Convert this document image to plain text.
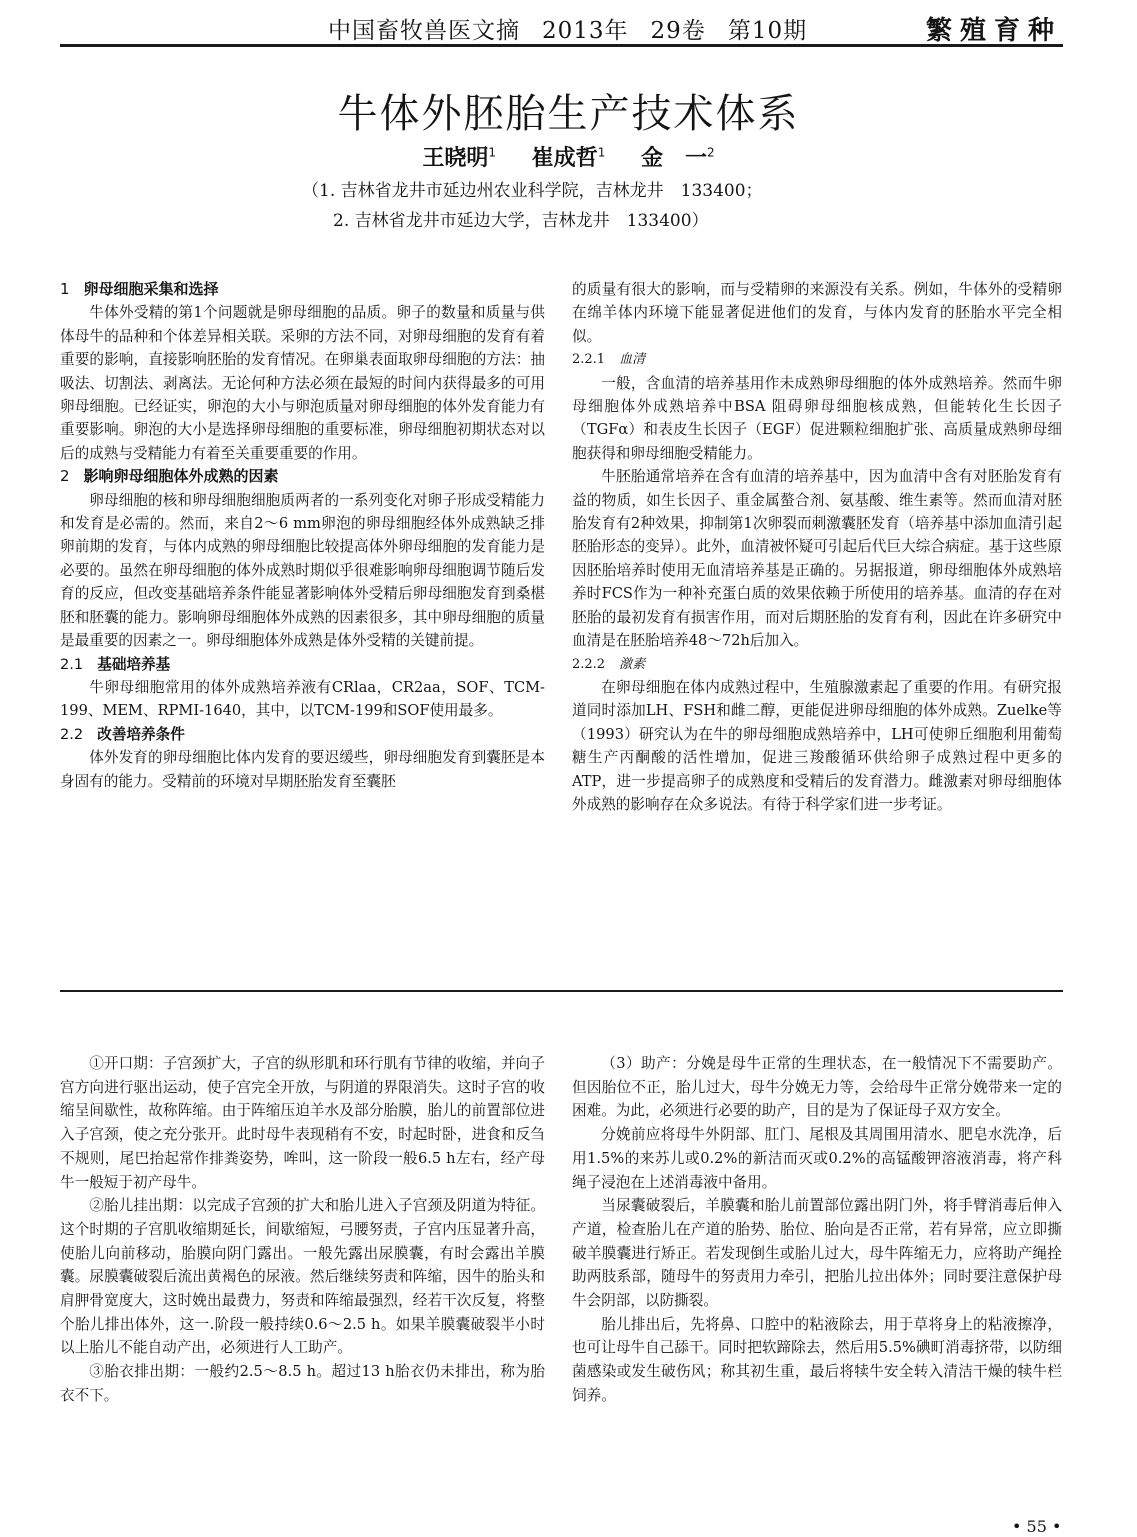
中国畜牧兽医文摘 2013年 29卷 第10期	繁殖育种
牛体外胚胎生产技术体系
王晓明$^1$ 崔成哲$^1$ 金　一$^2$
（1. 吉林省龙井市延边州农业科学院，吉林龙井　133400；
2. 吉林省龙井市延边大学，吉林龙井　133400）
1 卵母细胞采集和选择

牛体外受精的第1个问题就是卵母细胞的品质。卵子的数量和质量与供体母牛的品种和个体差异相关联。采卵的方法不同，对卵母细胞的发育有着重要的影响，直接影响胚胎的发育情况。在卵巢表面取卵母细胞的方法：抽吸法、切割法、剥离法。无论何种方法必须在最短的时间内获得最多的可用卵母细胞。已经证实，卵泡的大小与卵泡质量对卵母细胞的体外发育能力有重要影响。卵泡的大小是选择卵母细胞的重要标准，卵母细胞初期状态对以后的成熟与受精能力有着至关重要重要的作用。

2 影响卵母细胞体外成熟的因素

卵母细胞的核和卵母细胞细胞质两者的一系列变化对卵子形成受精能力和发育是必需的。然而，来自2～6 mm卵泡的卵母细胞经体外成熟缺乏排卵前期的发育，与体内成熟的卵母细胞比较提高体外卵母细胞的发育能力是必要的。虽然在卵母细胞的体外成熟时期似乎很难影响卵母细胞调节随后发育的反应，但改变基础培养条件能显著影响体外受精后卵母细胞发育到桑椹胚和胚囊的能力。影响卵母细胞体外成熟的因素很多，其中卵母细胞的质量是最重要的因素之一。卵母细胞体外成熟是体外受精的关键前提。

2.1 基础培养基

牛卵母细胞常用的体外成熟培养液有CRlaa，CR2aa，SOF、TCM-199、MEM、RPMI-1640，其中，以TCM-199和SOF使用最多。

2.2 改善培养条件

体外发育的卵母细胞比体内发育的要迟缓些，卵母细胞发育到囊胚是本身固有的能力。受精前的环境对早期胚胎发育至囊胚

的质量有很大的影响，而与受精卵的来源没有关系。例如，牛体外的受精卵在绵羊体内环境下能显著促进他们的发育，与体内发育的胚胎水平完全相似。

2.2.1 血清

一般，含血清的培养基用作未成熟卵母细胞的体外成熟培养。然而牛卵母细胞体外成熟培养中BSA 阻碍卵母细胞核成熟，但能转化生长因子（TGFα）和表皮生长因子（EGF）促进颗粒细胞扩张、高质量成熟卵母细胞获得和卵母细胞受精能力。

牛胚胎通常培养在含有血清的培养基中，因为血清中含有对胚胎发育有益的物质，如生长因子、重金属螯合剂、氨基酸、维生素等。然而血清对胚胎发育有2种效果，抑制第1次卵裂而刺激囊胚发育（培养基中添加血清引起胚胎形态的变异）。此外，血清被怀疑可引起后代巨大综合病症。基于这些原因胚胎培养时使用无血清培养基是正确的。另据报道，卵母细胞体外成熟培养时FCS作为一种补充蛋白质的效果依赖于所使用的培养基。血清的存在对胚胎的最初发育有损害作用，而对后期胚胎的发育有利，因此在许多研究中血清是在胚胎培养48～72h后加入。

2.2.2 激素

在卵母细胞在体内成熟过程中，生殖腺激素起了重要的作用。有研究报道同时添加LH、FSH和雌二醇，更能促进卵母细胞的体外成熟。Zuelke等（1993）研究认为在牛的卵母细胞成熟培养中，LH可使卵丘细胞利用葡萄糖生产丙酮酸的活性增加，促进三羧酸循环供给卵子成熟过程中更多的ATP，进一步提高卵子的成熟度和受精后的发育潜力。雌激素对卵母细胞体外成熟的影响存在众多说法。有待于科学家们进一步考证。

①开口期：子宫颈扩大，子宫的纵形肌和环行肌有节律的收缩，并向子宫方向进行驱出运动，使子宫完全开放，与阴道的界限消失。这时子宫的收缩呈间歇性，故称阵缩。由于阵缩压迫羊水及部分胎膜，胎儿的前置部位进入子宫颈，使之充分张开。此时母牛表现稍有不安，时起时卧，进食和反刍不规则，尾巴抬起常作排粪姿势，哞叫，这一阶段一般6.5 h左右，经产母牛一般短于初产母牛。

②胎儿挂出期：以完成子宫颈的扩大和胎儿进入子宫颈及阴道为特征。这个时期的子宫肌收缩期延长，间歇缩短，弓腰努责，子宫内压显著升高，使胎儿向前移动，胎膜向阴门露出。一般先露出尿膜囊，有时会露出羊膜囊。尿膜囊破裂后流出黄褐色的尿液。然后继续努责和阵缩，因牛的胎头和肩胛骨宽度大，这时娩出最费力，努责和阵缩最强烈，经若干次反复，将整个胎儿排出体外，这一.阶段一般持续0.6～2.5 h。如果羊膜囊破裂半小时以上胎儿不能自动产出，必须进行人工助产。

③胎衣排出期：一般约2.5～8.5 h。超过13 h胎衣仍未排出，称为胎衣不下。

（3）助产：分娩是母牛正常的生理状态，在一般情况下不需要助产。但因胎位不正，胎儿过大，母牛分娩无力等，会给母牛正常分娩带来一定的困难。为此，必须进行必要的助产，目的是为了保证母子双方安全。

分娩前应将母牛外阴部、肛门、尾根及其周围用清水、肥皂水洗净，后用1.5%的来苏儿或0.2%的新洁而灭或0.2%的高锰酸钾溶液消毒，将产科绳子浸泡在上述消毒液中备用。

当尿囊破裂后，羊膜囊和胎儿前置部位露出阴门外，将手臂消毒后伸入产道，检查胎儿在产道的胎势、胎位、胎向是否正常，若有异常，应立即撕破羊膜囊进行矫正。若发现倒生或胎儿过大，母牛阵缩无力，应将助产绳拴助两肢系部，随母牛的努责用力牵引，把胎儿拉出体外；同时要注意保护母牛会阴部，以防撕裂。

胎儿排出后，先将鼻、口腔中的粘液除去，用于草将身上的粘液擦净，也可让母牛自己舔干。同时把软蹄除去，然后用5.5%碘町消毒挤带，以防细菌感染或发生破伤风；称其初生重，最后将犊牛安全转入清洁干燥的犊牛栏饲养。

• 55 •
